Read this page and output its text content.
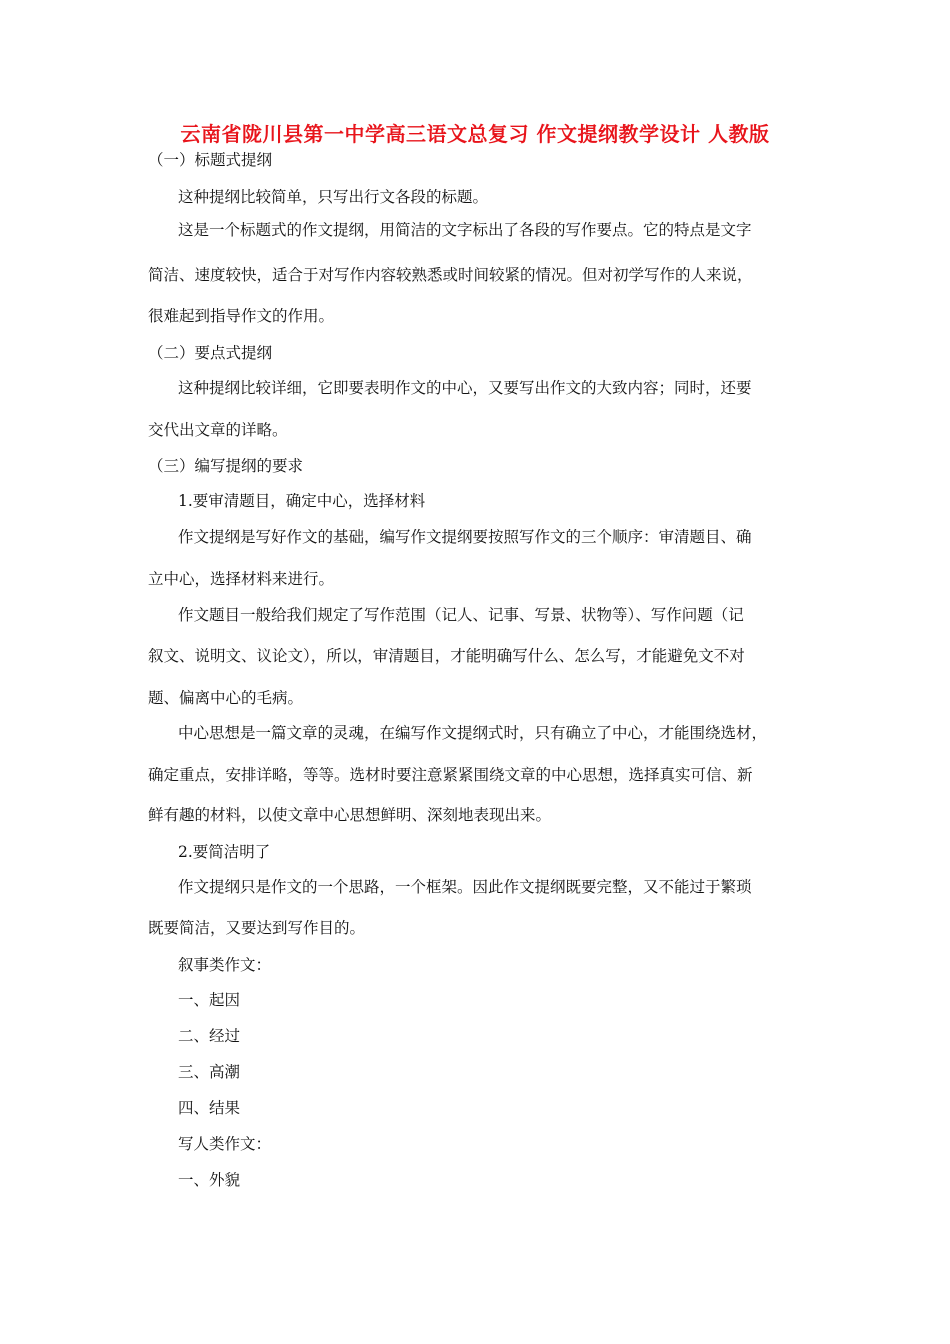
云南省陇川县第一中学高三语文总复习 作文提纲教学设计 人教版
（一）标题式提纲
这种提纲比较简单，只写出行文各段的标题。
这是一个标题式的作文提纲，用简洁的文字标出了各段的写作要点。它的特点是文字
简洁、速度较快，适合于对写作内容较熟悉或时间较紧的情况。但对初学写作的人来说，
很难起到指导作文的作用。
（二）要点式提纲
这种提纲比较详细，它即要表明作文的中心，又要写出作文的大致内容；同时，还要
交代出文章的详略。
（三）编写提纲的要求
1.要审清题目，确定中心，选择材料
作文提纲是写好作文的基础，编写作文提纲要按照写作文的三个顺序：审清题目、确
立中心，选择材料来进行。
作文题目一般给我们规定了写作范围（记人、记事、写景、状物等）、写作问题（记
叙文、说明文、议论文），所以，审清题目，才能明确写什么、怎么写，才能避免文不对
题、偏离中心的毛病。
中心思想是一篇文章的灵魂，在编写作文提纲式时，只有确立了中心，才能围绕选材，
确定重点，安排详略，等等。选材时要注意紧紧围绕文章的中心思想，选择真实可信、新
鲜有趣的材料，以使文章中心思想鲜明、深刻地表现出来。
2.要简洁明了
作文提纲只是作文的一个思路，一个框架。因此作文提纲既要完整，又不能过于繁琐
既要简洁，又要达到写作目的。
叙事类作文：
一、起因
二、经过
三、高潮
四、结果
写人类作文：
一、外貌
